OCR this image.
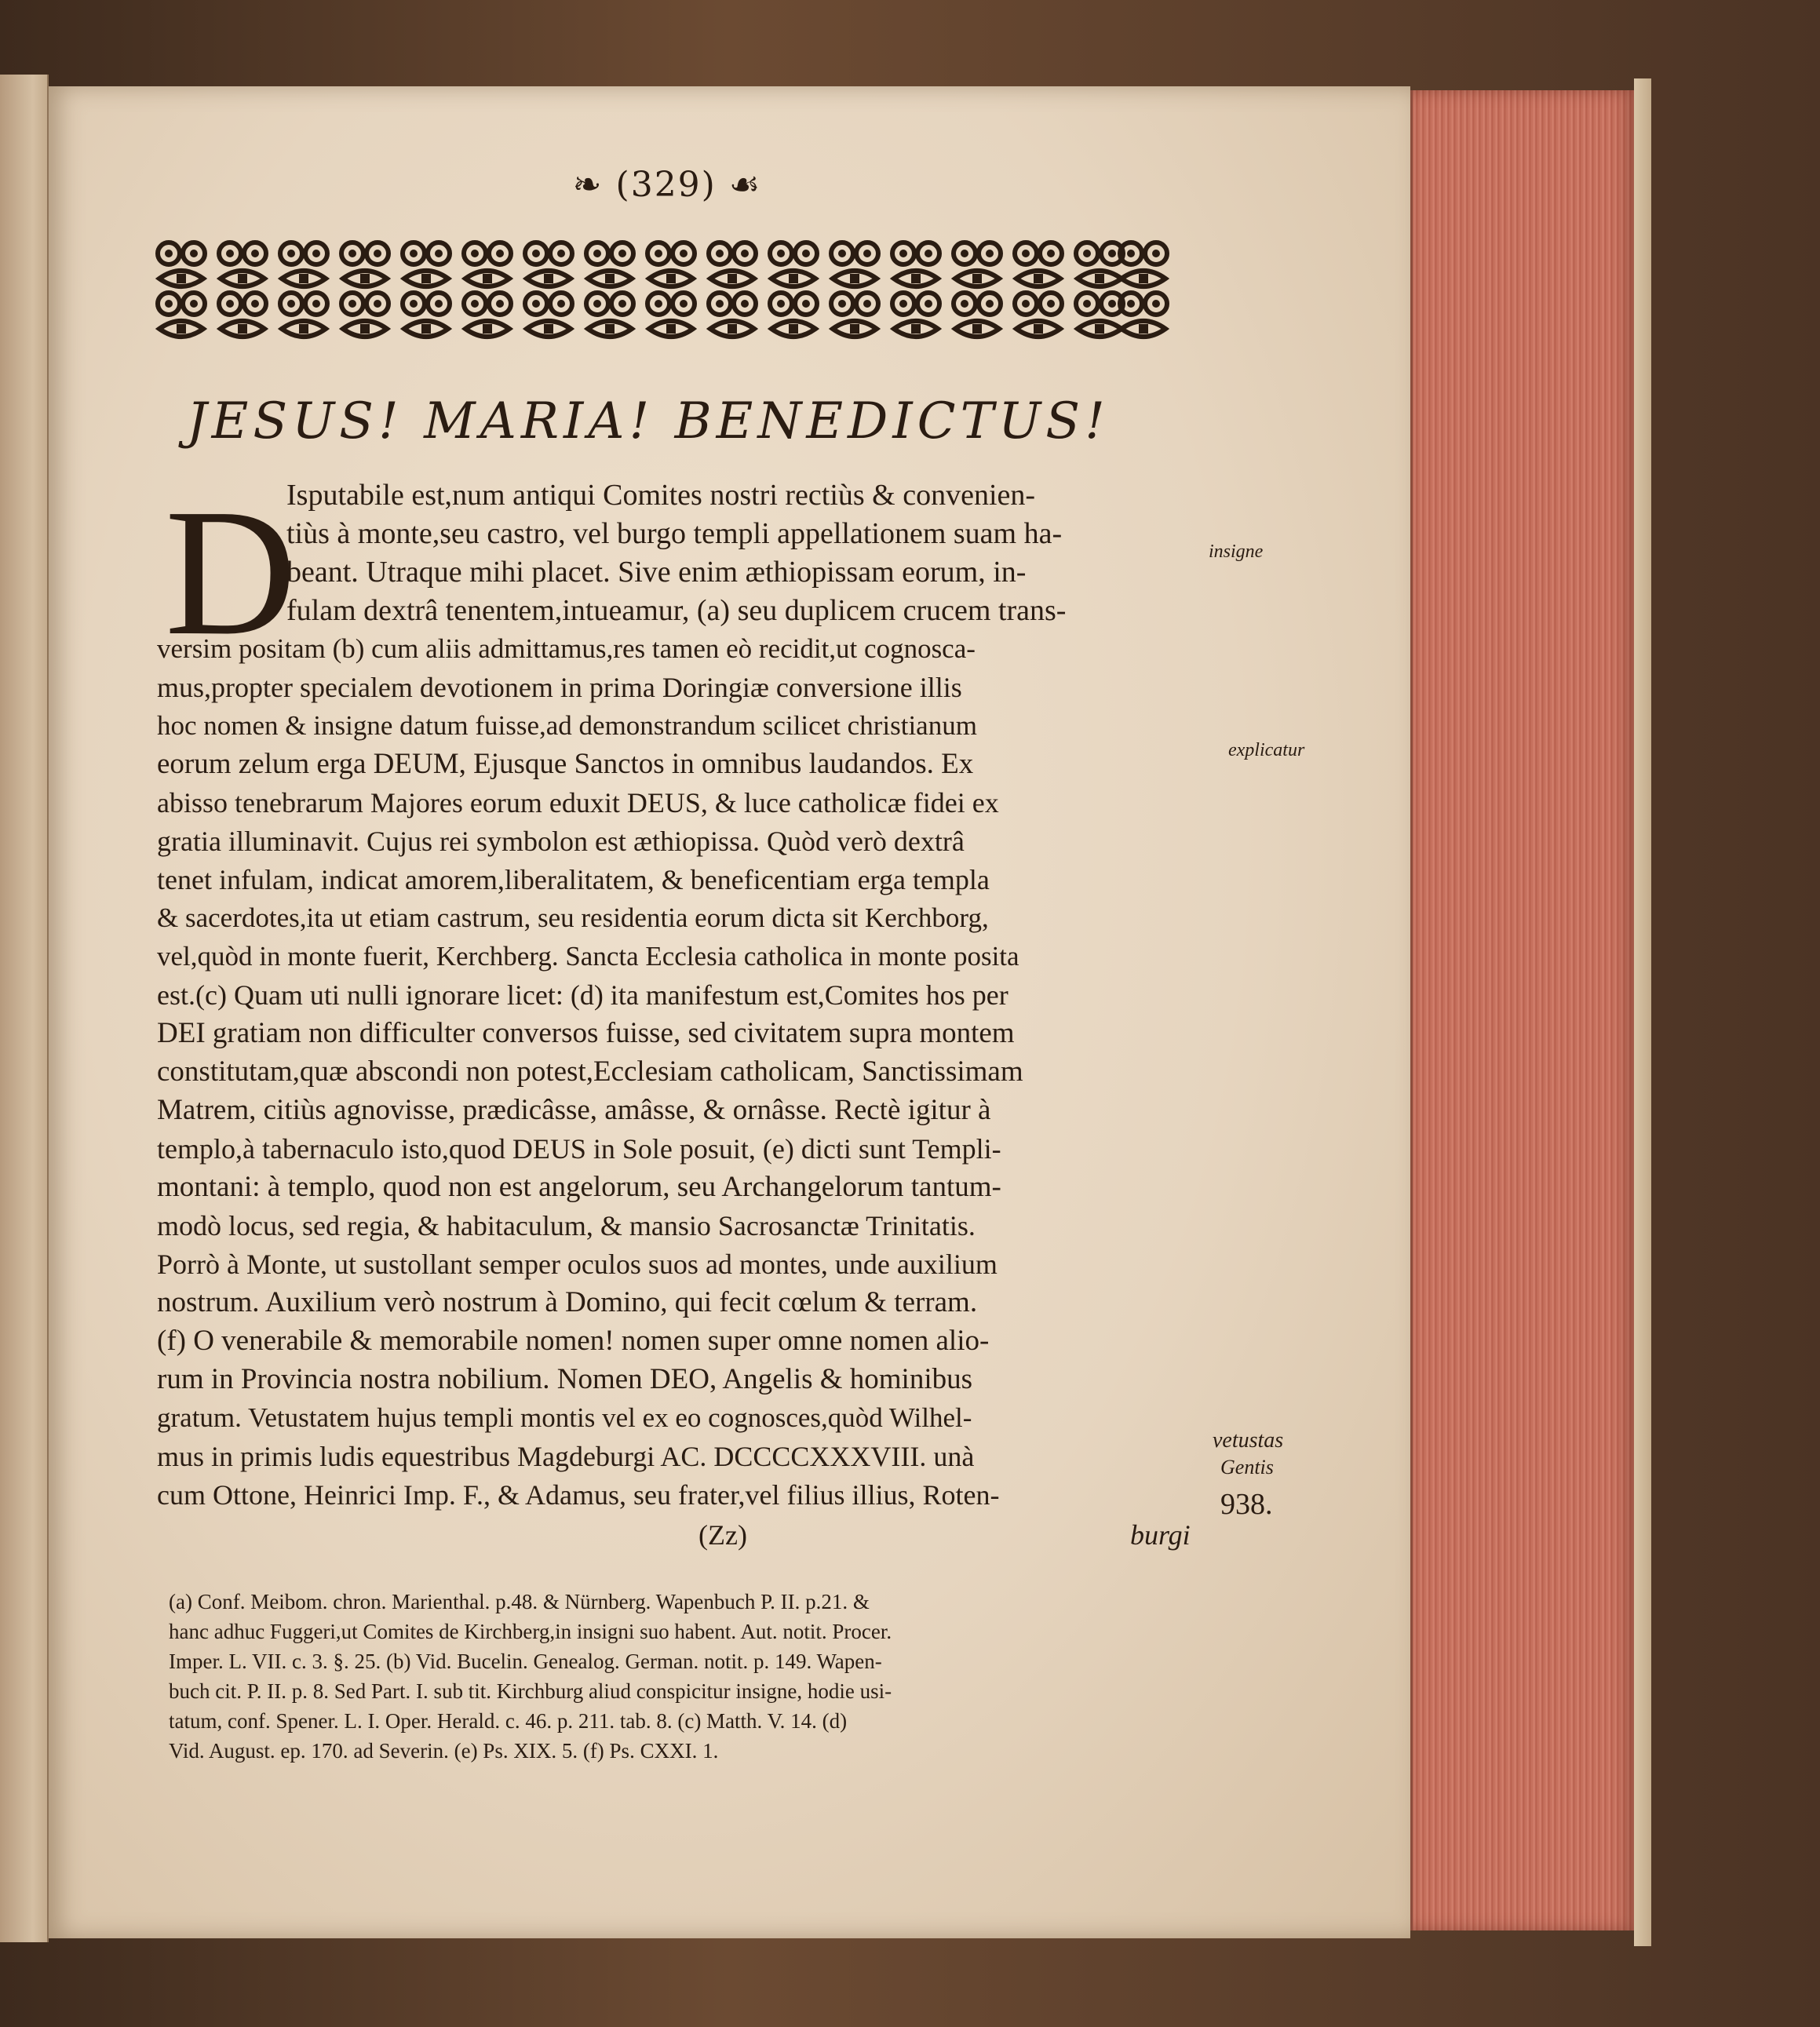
❧ (329) ☙
JESUS! MARIA! BENEDICTUS!
D
Isputabile est,num antiqui Comites nostri rectiùs & convenien-
tiùs à monte,seu castro, vel burgo templi appellationem suam ha-
beant. Utraque mihi placet. Sive enim æthiopissam eorum, in-
fulam dextrâ tenentem,intueamur, (a) seu duplicem crucem trans-
versim positam (b) cum aliis admittamus,res tamen eò recidit,ut cognosca-
mus,propter specialem devotionem in prima Doringiæ conversione illis
hoc nomen & insigne datum fuisse,ad demonstrandum scilicet christianum
eorum zelum erga DEUM, Ejusque Sanctos in omnibus laudandos. Ex
abisso tenebrarum Majores eorum eduxit DEUS, & luce catholicæ fidei ex
gratia illuminavit. Cujus rei symbolon est æthiopissa. Quòd verò dextrâ
tenet infulam, indicat amorem,liberalitatem, & beneficentiam erga templa
& sacerdotes,ita ut etiam castrum, seu residentia eorum dicta sit Kerchborg,
vel,quòd in monte fuerit, Kerchberg. Sancta Ecclesia catholica in monte posita
est.(c) Quam uti nulli ignorare licet: (d) ita manifestum est,Comites hos per
DEI gratiam non difficulter conversos fuisse, sed civitatem supra montem
constitutam,quæ abscondi non potest,Ecclesiam catholicam, Sanctissimam
Matrem, citiùs agnovisse, prædicâsse, amâsse, & ornâsse. Rectè igitur à
templo,à tabernaculo isto,quod DEUS in Sole posuit, (e) dicti sunt Templi-
montani: à templo, quod non est angelorum, seu Archangelorum tantum-
modò locus, sed regia, & habitaculum, & mansio Sacrosanctæ Trinitatis.
Porrò à Monte, ut sustollant semper oculos suos ad montes, unde auxilium
nostrum. Auxilium verò nostrum à Domino, qui fecit cœlum & terram.
(f) O venerabile & memorabile nomen! nomen super omne nomen alio-
rum in Provincia nostra nobilium. Nomen DEO, Angelis & hominibus
gratum. Vetustatem hujus templi montis vel ex eo cognosces,quòd Wilhel-
mus in primis ludis equestribus Magdeburgi AC. DCCCCXXXVIII. unà
cum Ottone, Heinrici Imp. F., & Adamus, seu frater,vel filius illius, Roten-
(Zz)	burgi
insigne
explicatur
vetustas
Gentis
938.
(a) Conf. Meibom. chron. Marienthal. p.48. & Nürnberg. Wapenbuch P. II. p.21. &
hanc adhuc Fuggeri,ut Comites de Kirchberg,in insigni suo habent. Aut. notit. Procer.
Imper. L. VII. c. 3. §. 25. (b) Vid. Bucelin. Genealog. German. notit. p. 149. Wapen-
buch cit. P. II. p. 8. Sed Part. I. sub tit. Kirchburg aliud conspicitur insigne, hodie usi-
tatum, conf. Spener. L. I. Oper. Herald. c. 46. p. 211. tab. 8. (c) Matth. V. 14. (d)
Vid. August. ep. 170. ad Severin. (e) Ps. XIX. 5. (f) Ps. CXXI. 1.
